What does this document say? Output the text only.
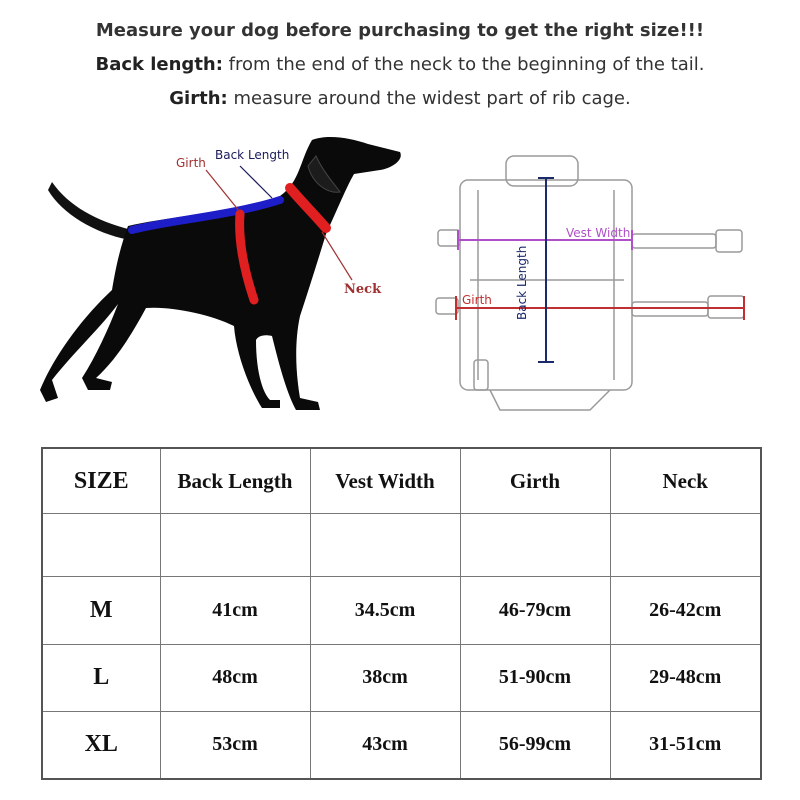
Measure your dog before purchasing to get the right size!!!
Back length: from the end of the neck to the beginning of the tail.
Girth: measure around the widest part of rib cage.
Girth
Back Length
Neck
Vest Width
Girth Back Length
SIZE	Back Length	Vest Width	Girth	Neck

M	41cm	34.5cm	46-79cm	26-42cm
L	48cm	38cm	51-90cm	29-48cm
XL	53cm	43cm	56-99cm	31-51cm
